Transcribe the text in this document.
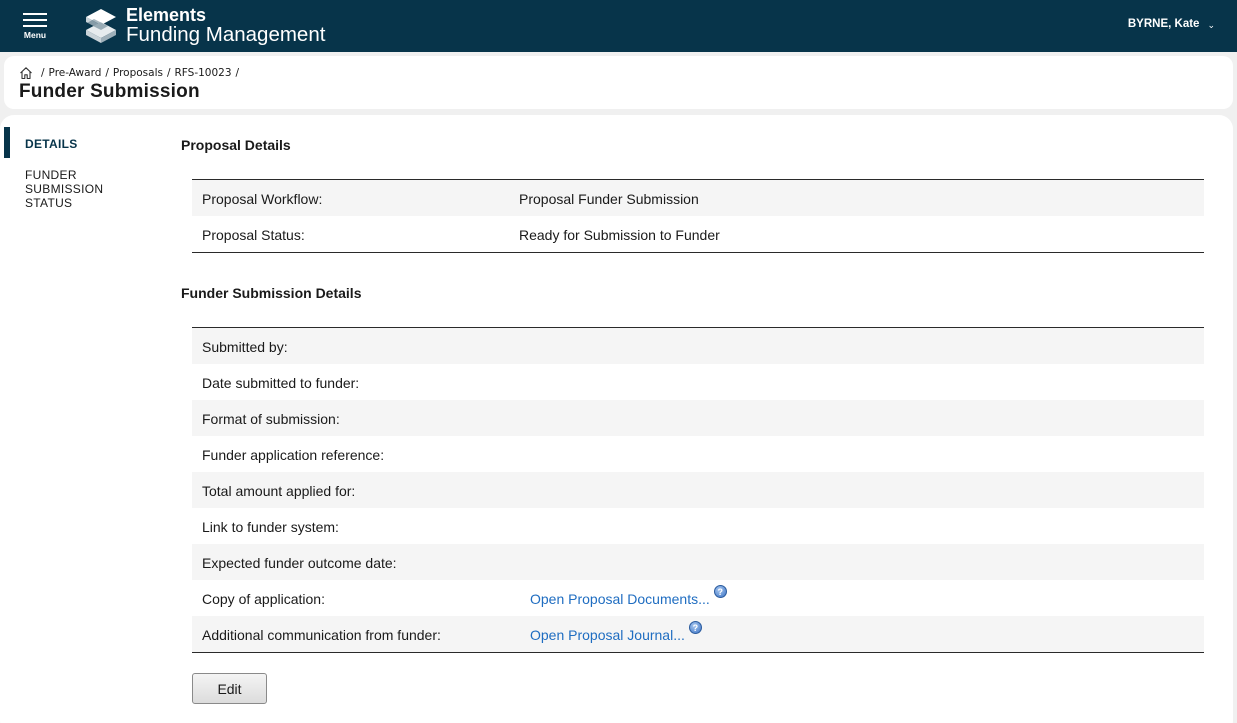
Menu
Elements
Funding Management	BYRNE, Kate ⌄
/ Pre-Award / Proposals / RFS-10023 /
Funder Submission
DETAILS
FUNDER SUBMISSION STATUS
Proposal Details
Proposal Workflow:	Proposal Funder Submission
Proposal Status:	Ready for Submission to Funder
Funder Submission Details
Submitted by:
Date submitted to funder:
Format of submission:
Funder application reference:
Total amount applied for:
Link to funder system:
Expected funder outcome date:
Copy of application:	Open Proposal Documents... ?
Additional communication from funder:	Open Proposal Journal... ?
Edit
